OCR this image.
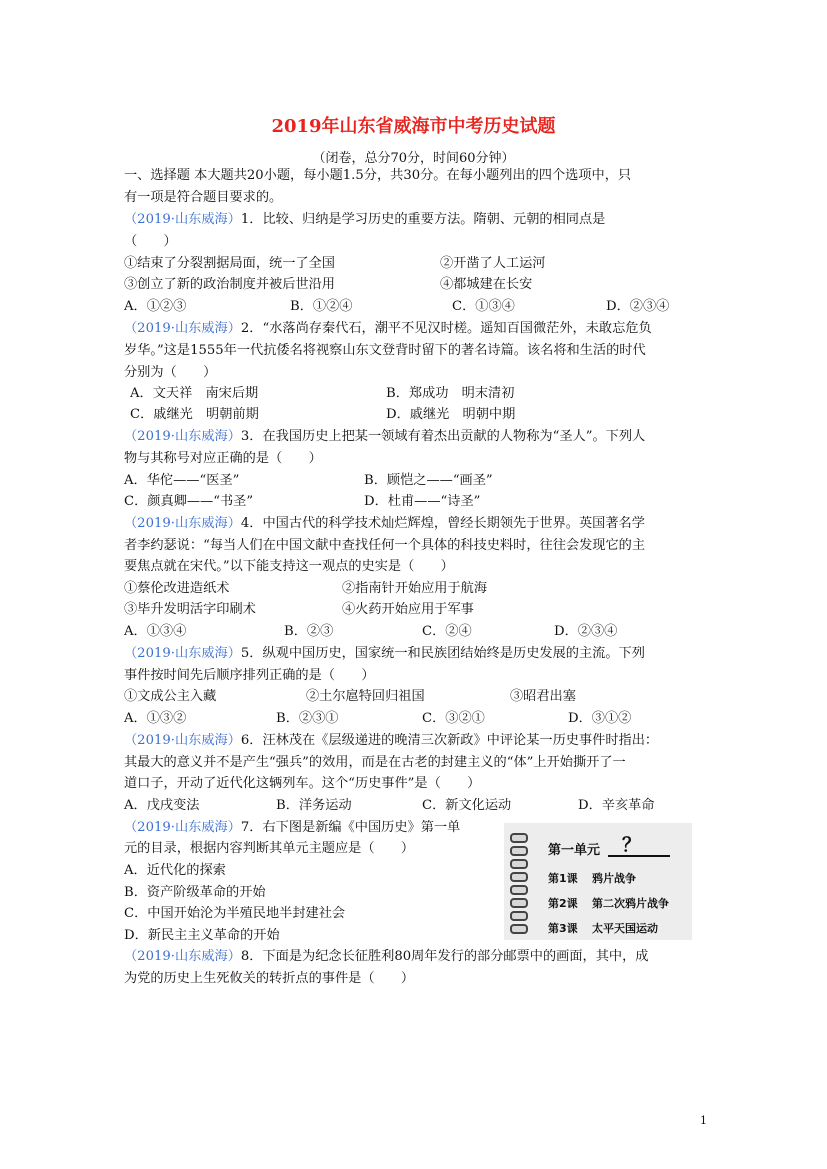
2019年山东省威海市中考历史试题
（闭卷，总分70分，时间60分钟）
一、选择题 本大题共20小题，每小题1.5分，共30分。在每小题列出的四个选项中，只
有一项是符合题目要求的。
（2019·山东威海）1．比较、归纳是学习历史的重要方法。隋朝、元朝的相同点是
（　　）
①结束了分裂割据局面，统一了全国	②开凿了人工运河
③创立了新的政治制度并被后世沿用	④都城建在长安
A．①②③	B．①②④	C．①③④	D．②③④
（2019·山东威海）2．“水落尚存秦代石，潮平不见汉时槎。遥知百国微茫外，未敢忘危负
岁华。”这是1555年一代抗倭名将视察山东文登背时留下的著名诗篇。该名将和生活的时代
分别为（　　）
A．文天祥　南宋后期	B．郑成功　明末清初
C．戚继光　明朝前期	D．戚继光　明朝中期
（2019·山东威海）3．在我国历史上把某一领域有着杰出贡献的人物称为“圣人”。下列人
物与其称号对应正确的是（　　）
A．华佗——“医圣”	B．顾恺之——“画圣”
C．颜真卿——“书圣”	D．杜甫——“诗圣”
（2019·山东威海）4．中国古代的科学技术灿烂辉煌，曾经长期领先于世界。英国著名学
者李约瑟说：“每当人们在中国文献中查找任何一个具体的科技史料时，往往会发现它的主
要焦点就在宋代。”以下能支持这一观点的史实是（　　）
①蔡伦改进造纸术	②指南针开始应用于航海
③毕升发明活字印刷术	④火药开始应用于军事
A．①③④	B．②③	C．②④	D．②③④
（2019·山东威海）5．纵观中国历史，国家统一和民族团结始终是历史发展的主流。下列
事件按时间先后顺序排列正确的是（　　）
①文成公主入藏	②土尔扈特回归祖国	③昭君出塞
A．①③②	B．②③①	C．③②①	D．③①②
（2019·山东威海）6．汪林茂在《层级递进的晚清三次新政》中评论某一历史事件时指出：
其最大的意义并不是产生“强兵”的效用，而是在古老的封建主义的“体”上开始撕开了一
道口子，开动了近代化这辆列车。这个“历史事件”是（　　）
A．戊戌变法	B．洋务运动	C．新文化运动	D．辛亥革命
（2019·山东威海）7．右下图是新编《中国历史》第一单
元的目录，根据内容判断其单元主题应是（　　）
A．近代化的探索
B．资产阶级革命的开始
C．中国开始沦为半殖民地半封建社会
D．新民主主义革命的开始
第一单元 ？
第1课 鸦片战争
第2课 第二次鸦片战争
第3课 太平天国运动
（2019·山东威海）8．下面是为纪念长征胜利80周年发行的部分邮票中的画面，其中，成
为党的历史上生死攸关的转折点的事件是（　　）
1
